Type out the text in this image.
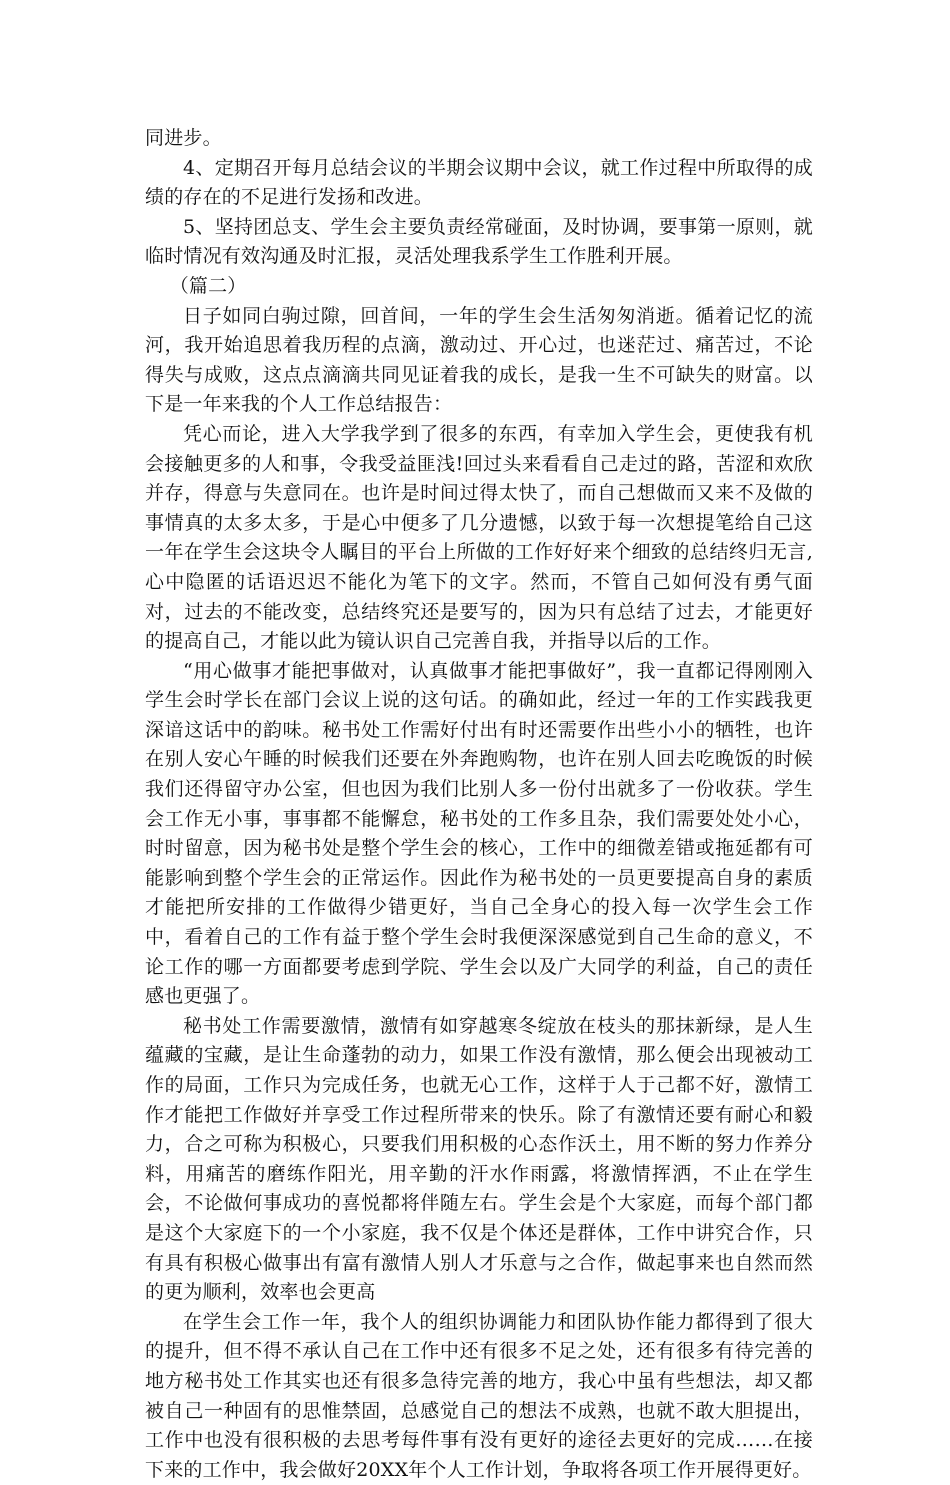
同进步。

4、定期召开每月总结会议的半期会议期中会议，就工作过程中所取得的成绩的存在的不足进行发扬和改进。

5、坚持团总支、学生会主要负责经常碰面，及时协调，要事第一原则，就临时情况有效沟通及时汇报，灵活处理我系学生工作胜利开展。

（篇二）

日子如同白驹过隙，回首间，一年的学生会生活匆匆消逝。循着记忆的流河，我开始追思着我历程的点滴，激动过、开心过，也迷茫过、痛苦过，不论得失与成败，这点点滴滴共同见证着我的成长，是我一生不可缺失的财富。以下是一年来我的个人工作总结报告：

凭心而论，进入大学我学到了很多的东西，有幸加入学生会，更使我有机会接触更多的人和事，令我受益匪浅!回过头来看看自己走过的路，苦涩和欢欣并存，得意与失意同在。也许是时间过得太快了，而自己想做而又来不及做的事情真的太多太多，于是心中便多了几分遗憾，以致于每一次想提笔给自己这一年在学生会这块令人瞩目的平台上所做的工作好好来个细致的总结终归无言,心中隐匿的话语迟迟不能化为笔下的文字。然而，不管自己如何没有勇气面对，过去的不能改变，总结终究还是要写的，因为只有总结了过去，才能更好的提高自己，才能以此为镜认识自己完善自我，并指导以后的工作。

“用心做事才能把事做对，认真做事才能把事做好”，我一直都记得刚刚入学生会时学长在部门会议上说的这句话。的确如此，经过一年的工作实践我更深谙这话中的韵味。秘书处工作需好付出有时还需要作出些小小的牺牲，也许在别人安心午睡的时候我们还要在外奔跑购物，也许在别人回去吃晚饭的时候我们还得留守办公室，但也因为我们比别人多一份付出就多了一份收获。学生会工作无小事，事事都不能懈怠，秘书处的工作多且杂，我们需要处处小心，时时留意，因为秘书处是整个学生会的核心，工作中的细微差错或拖延都有可能影响到整个学生会的正常运作。因此作为秘书处的一员更要提高自身的素质才能把所安排的工作做得少错更好，当自己全身心的投入每一次学生会工作中，看着自己的工作有益于整个学生会时我便深深感觉到自己生命的意义，不论工作的哪一方面都要考虑到学院、学生会以及广大同学的利益，自己的责任感也更强了。

秘书处工作需要激情，激情有如穿越寒冬绽放在枝头的那抹新绿，是人生蕴藏的宝藏，是让生命蓬勃的动力，如果工作没有激情，那么便会出现被动工作的局面，工作只为完成任务，也就无心工作，这样于人于己都不好，激情工作才能把工作做好并享受工作过程所带来的快乐。除了有激情还要有耐心和毅力，合之可称为积极心，只要我们用积极的心态作沃土，用不断的努力作养分料，用痛苦的磨练作阳光，用辛勤的汗水作雨露，将激情挥洒，不止在学生会，不论做何事成功的喜悦都将伴随左右。学生会是个大家庭，而每个部门都是这个大家庭下的一个小家庭，我不仅是个体还是群体，工作中讲究合作，只有具有积极心做事出有富有激情人别人才乐意与之合作，做起事来也自然而然的更为顺利，效率也会更高

在学生会工作一年，我个人的组织协调能力和团队协作能力都得到了很大的提升，但不得不承认自己在工作中还有很多不足之处，还有很多有待完善的地方秘书处工作其实也还有很多急待完善的地方，我心中虽有些想法，却又都被自己一种固有的思惟禁固，总感觉自己的想法不成熟，也就不敢大胆提出，工作中也没有很积极的去思考每件事有没有更好的途径去更好的完成……在接下来的工作中，我会做好20XX年个人工作计划，争取将各项工作开展得更好。
